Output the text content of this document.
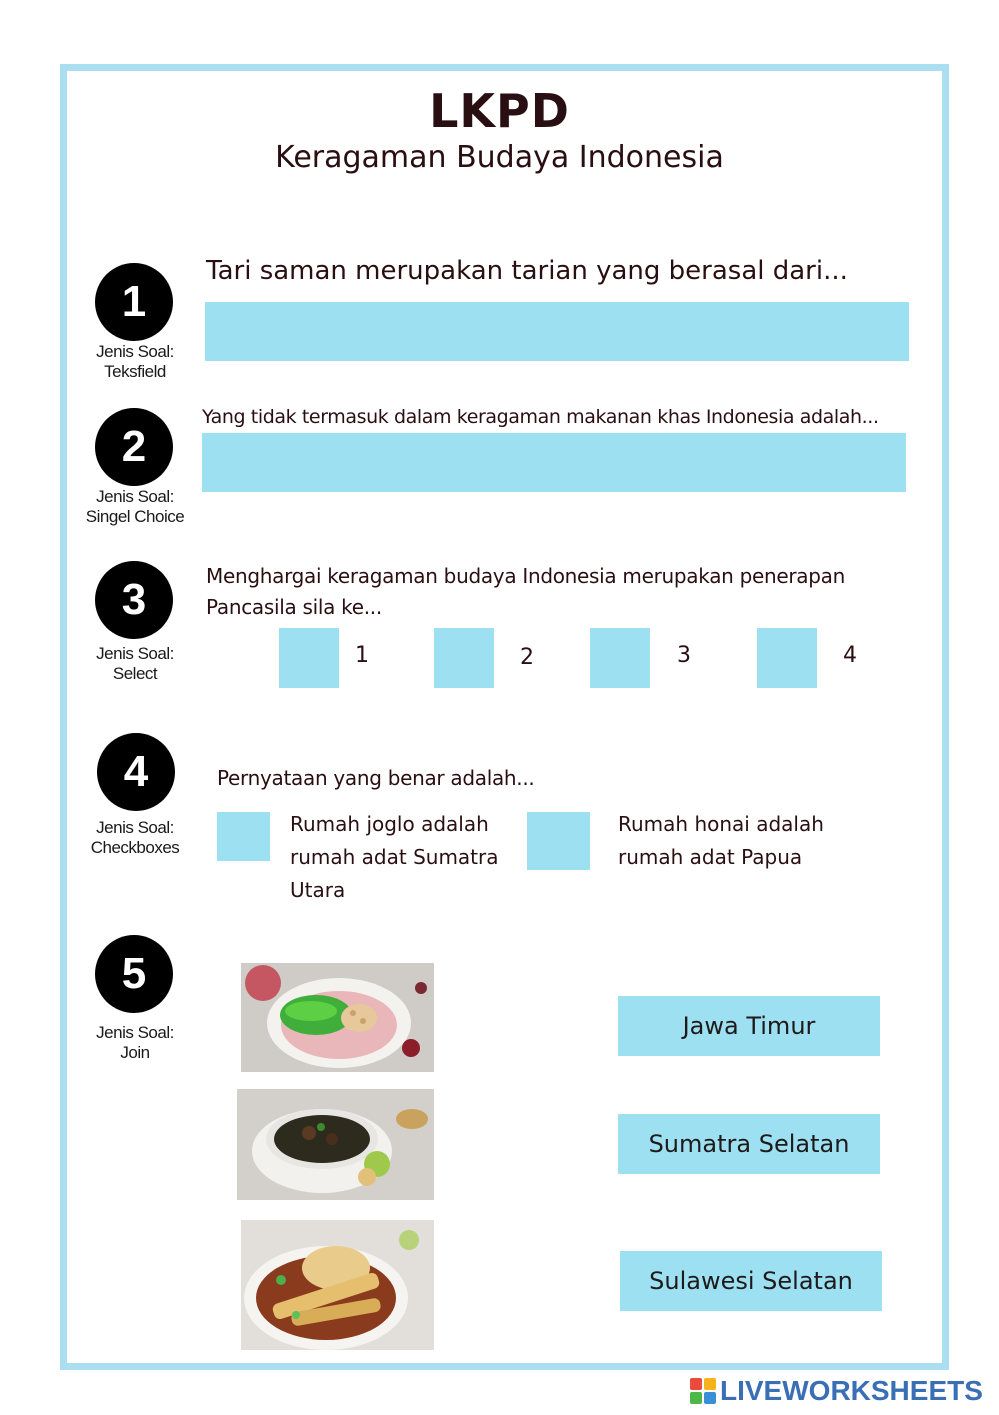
LKPD
Keragaman Budaya Indonesia
1
Jenis Soal:
Teksfield
Tari saman merupakan tarian yang berasal dari...
2
Jenis Soal:
Singel Choice
Yang tidak termasuk dalam keragaman makanan khas Indonesia adalah...
3
Jenis Soal:
Select
Menghargai keragaman budaya Indonesia merupakan penerapan
Pancasila sila ke...
1	2	3	4
4
Jenis Soal:
Checkboxes
Pernyataan yang benar adalah...
Rumah joglo adalah
rumah adat Sumatra
Utara
Rumah honai adalah
rumah adat Papua
5
Jenis Soal:
Join
Jawa Timur
Sumatra Selatan
Sulawesi Selatan
LIVEWORKSHEETS
